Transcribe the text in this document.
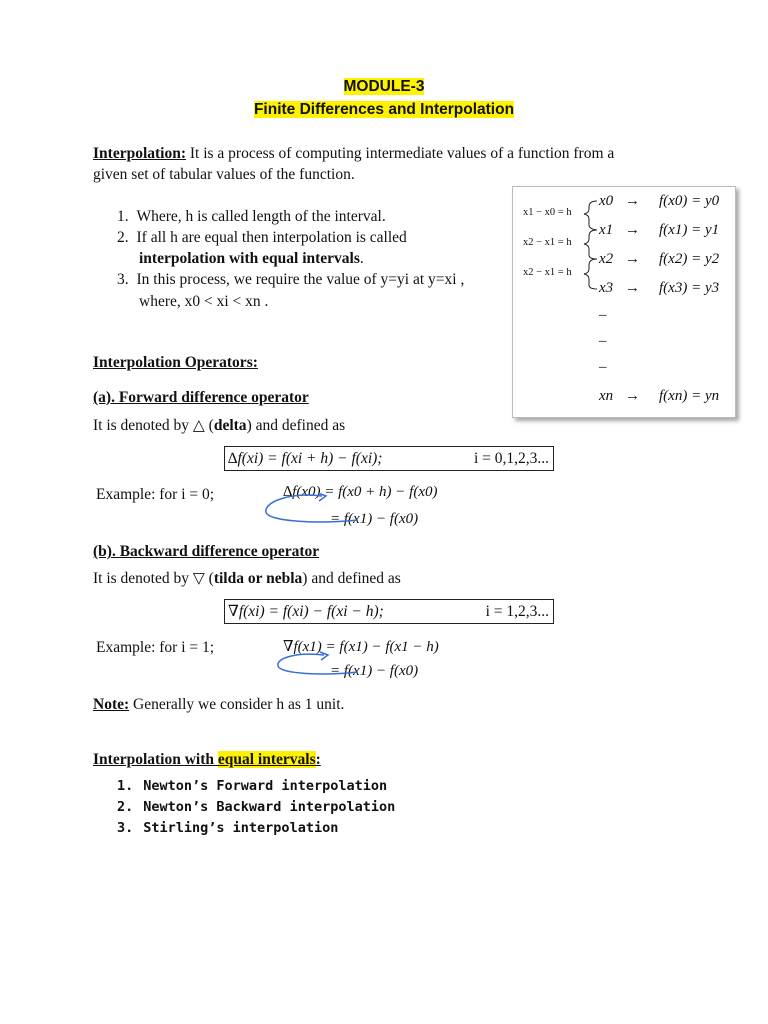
MODULE-3
Finite Differences and Interpolation
Interpolation: It is a process of computing intermediate values of a function from a
given set of tabular values of the function.
1. Where, h is called length of the interval.
2. If all h are equal then interpolation is called
interpolation with equal intervals.
3. In this process, we require the value of y=yi at y=xi ,
where, x0 < xi < xn .
x1 − x0 = h
x2 − x1 = h
x2 − x1 = h
x0 → f(x0) = y0
x1 → f(x1) = y1
x2 → f(x2) = y2
x3 → f(x3) = y3
–
–
–
xn → f(xn) = yn
Interpolation Operators:
(a). Forward difference operator
It is denoted by △ (delta) and defined as
∆f(xi) = f(xi + h) − f(xi);	i = 0,1,2,3...
Example: for i = 0;	∆f(x0) = f(x0 + h) − f(x0)
= f(x1) − f(x0)
(b). Backward difference operator
It is denoted by ▽ (tilda or nebla) and defined as
∇f(xi) = f(xi) − f(xi − h);	i = 1,2,3...
Example: for i = 1;	∇f(x1) = f(x1) − f(x1 − h)
= f(x1) − f(x0)
Note: Generally we consider h as 1 unit.
Interpolation with equal intervals:
1. Newton’s Forward interpolation
2. Newton’s Backward interpolation
3. Stirling’s interpolation
